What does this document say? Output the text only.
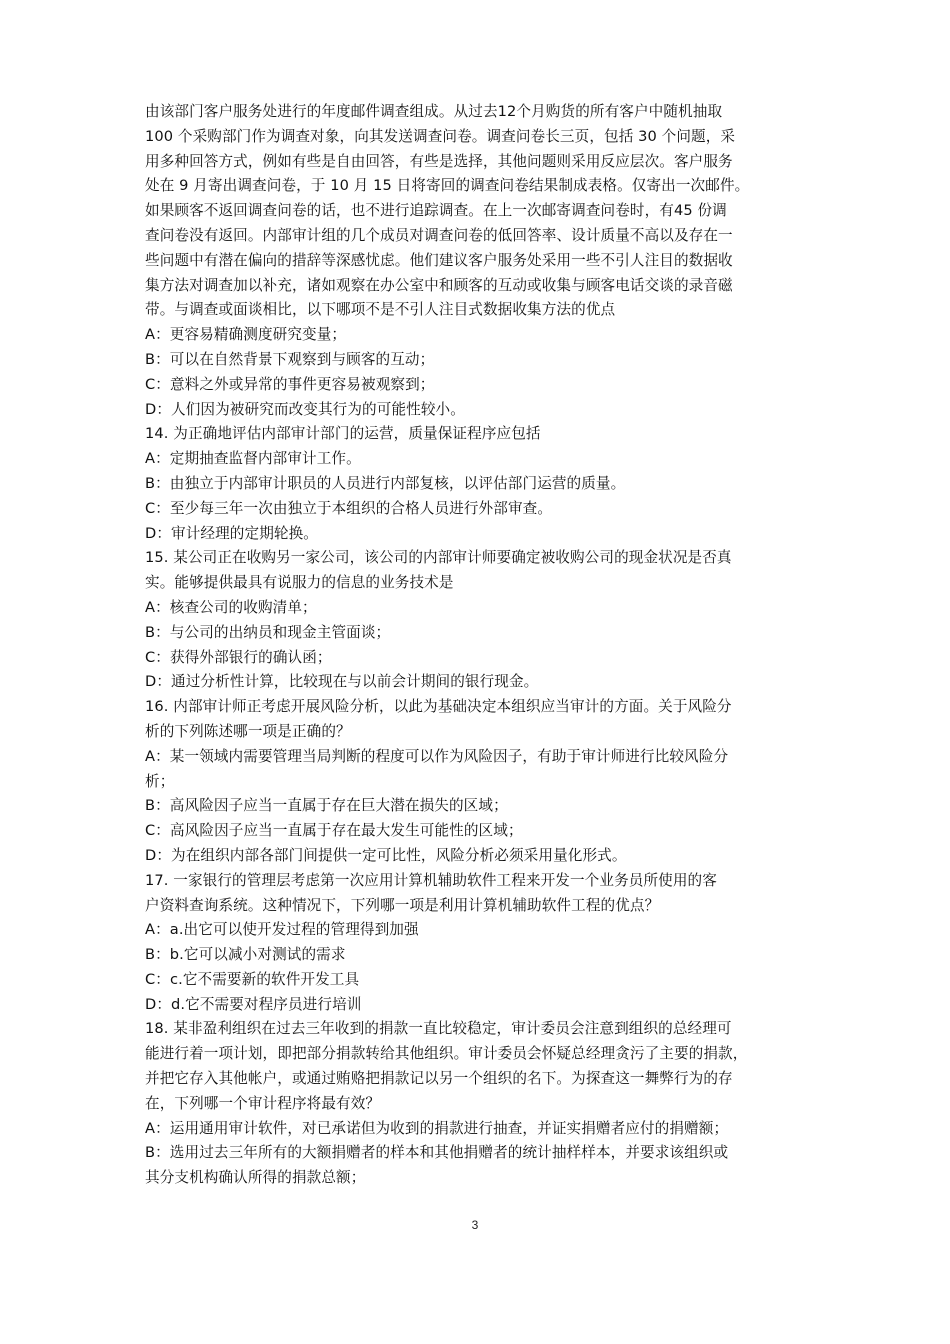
由该部门客户服务处进行的年度邮件调查组成。从过去12个月购货的所有客户中随机抽取
100 个采购部门作为调查对象，向其发送调查问卷。调查问卷长三页，包括 30 个问题，采
用多种回答方式，例如有些是自由回答，有些是选择，其他问题则采用反应层次。客户服务
处在 9 月寄出调查问卷，于 10 月 15 日将寄回的调查问卷结果制成表格。仅寄出一次邮件。
如果顾客不返回调查问卷的话，也不进行追踪调查。在上一次邮寄调查问卷时，有45 份调
查问卷没有返回。内部审计组的几个成员对调查问卷的低回答率、设计质量不高以及存在一
些问题中有潜在偏向的措辞等深感忧虑。他们建议客户服务处采用一些不引人注目的数据收
集方法对调查加以补充，诸如观察在办公室中和顾客的互动或收集与顾客电话交谈的录音磁
带。与调查或面谈相比，以下哪项不是不引人注目式数据收集方法的优点
A：更容易精确测度研究变量；
B：可以在自然背景下观察到与顾客的互动；
C：意料之外或异常的事件更容易被观察到；
D：人们因为被研究而改变其行为的可能性较小。
14. 为正确地评估内部审计部门的运营，质量保证程序应包括
A：定期抽查监督内部审计工作。
B：由独立于内部审计职员的人员进行内部复核，以评估部门运营的质量。
C：至少每三年一次由独立于本组织的合格人员进行外部审查。
D：审计经理的定期轮换。
15. 某公司正在收购另一家公司，该公司的内部审计师要确定被收购公司的现金状况是否真
实。能够提供最具有说服力的信息的业务技术是
A：核查公司的收购清单；
B：与公司的出纳员和现金主管面谈；
C：获得外部银行的确认函；
D：通过分析性计算，比较现在与以前会计期间的银行现金。
16. 内部审计师正考虑开展风险分析，以此为基础决定本组织应当审计的方面。关于风险分
析的下列陈述哪一项是正确的？
A：某一领域内需要管理当局判断的程度可以作为风险因子，有助于审计师进行比较风险分
析；
B：高风险因子应当一直属于存在巨大潜在损失的区域；
C：高风险因子应当一直属于存在最大发生可能性的区域；
D：为在组织内部各部门间提供一定可比性，风险分析必须采用量化形式。
17. 一家银行的管理层考虑第一次应用计算机辅助软件工程来开发一个业务员所使用的客
户资料查询系统。这种情况下，下列哪一项是利用计算机辅助软件工程的优点？
A：a.出它可以使开发过程的管理得到加强
B：b.它可以减小对测试的需求
C：c.它不需要新的软件开发工具
D：d.它不需要对程序员进行培训
18. 某非盈利组织在过去三年收到的捐款一直比较稳定，审计委员会注意到组织的总经理可
能进行着一项计划，即把部分捐款转给其他组织。审计委员会怀疑总经理贪污了主要的捐款，
并把它存入其他帐户，或通过贿赂把捐款记以另一个组织的名下。为探查这一舞弊行为的存
在，下列哪一个审计程序将最有效？
A：运用通用审计软件，对已承诺但为收到的捐款进行抽查，并证实捐赠者应付的捐赠额；
B：选用过去三年所有的大额捐赠者的样本和其他捐赠者的统计抽样样本，并要求该组织或
其分支机构确认所得的捐款总额；
3
